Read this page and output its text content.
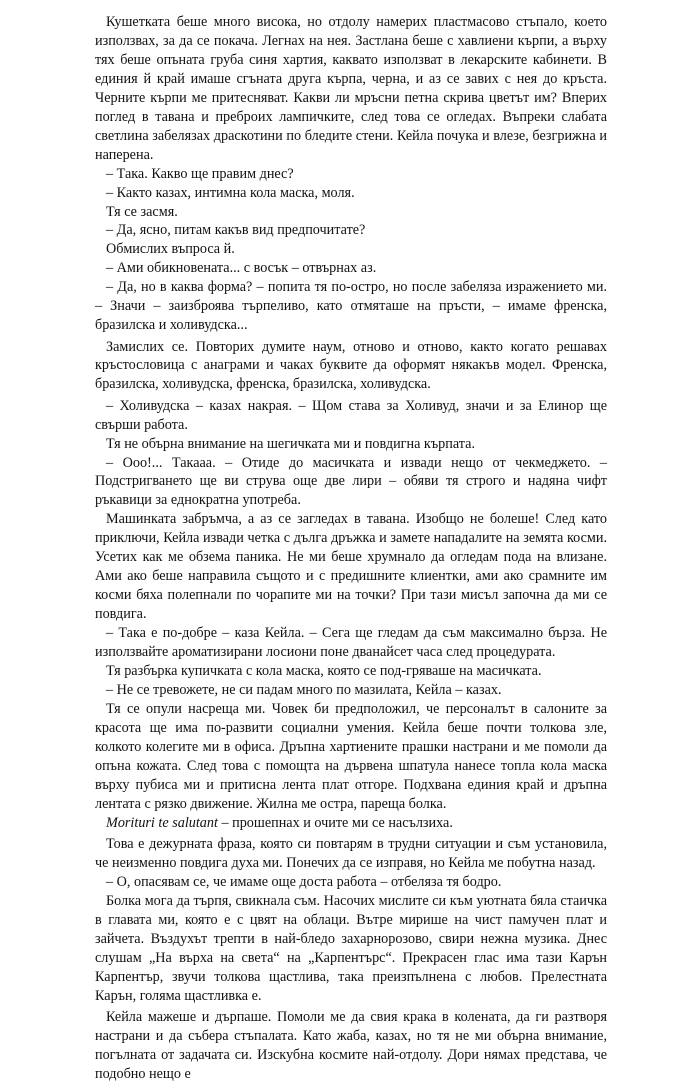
Кушетката беше много висока, но отдолу намерих пластмасово стъпало, което използвах, за да се покача. Легнах на нея. Застлана беше с хавлиени кърпи, а върху тях беше опъната груба синя хартия, каквато използват в лекарските кабинети. В единия й край имаше сгъната друга кърпа, черна, и аз се завих с нея до кръста. Черните кърпи ме притесняват. Какви ли мръсни петна скрива цветът им? Вперих поглед в тавана и преброих лампичките, след това се огледах. Въпреки слабата светлина забелязах драскотини по бледите стени. Кейла почука и влезе, безгрижна и наперена.

– Така. Какво ще правим днес?

– Както казах, интимна кола маска, моля.

Тя се засмя.

– Да, ясно, питам какъв вид предпочитате?

Обмислих въпроса й.

– Ами обикновената... с восък – отвърнах аз.

– Да, но в каква форма? – попита тя по-остро, но после забеляза изражението ми. – Значи – заизброява търпеливо, като отмяташе на пръсти, – имаме френска, бразилска и холивудска...

Замислих се. Повторих думите наум, отново и отново, както когато решавах кръстословица с анаграми и чаках буквите да оформят някакъв модел. Френска, бразилска, холивудска, френска, бразилска, холивудска.

– Холивудска – казах накрая. – Щом става за Холивуд, значи и за Елинор ще свърши работа.

Тя не обърна внимание на шегичката ми и повдигна кърпата.

– Ооо!... Такааа. – Отиде до масичката и извади нещо от чекмеджето. – Подстригването ще ви струва още две лири – обяви тя строго и надяна чифт ръкавици за еднократна употреба.

Машинката забръмча, а аз се загледах в тавана. Изобщо не болеше! След като приключи, Кейла извади четка с дълга дръжка и замете нападалите на земята косми. Усетих как ме обзема паника. Не ми беше хрумнало да огледам пода на влизане. Ами ако беше направила същото и с предишните клиентки, ами ако срамните им косми бяха полепнали по чорапите ми на точки? При тази мисъл започна да ми се повдига.

– Така е по-добре – каза Кейла. – Сега ще гледам да съм максимално бърза. Не използвайте ароматизирани лосиони поне дванайсет часа след процедурата.

Тя разбърка купичката с кола маска, която се под-гряваше на масичката.

– Не се тревожете, не си падам много по мазилата, Кейла – казах.

Тя се опули насреща ми. Човек би предположил, че персоналът в салоните за красота ще има по-развити социални умения. Кейла беше почти толкова зле, колкото колегите ми в офиса. Дръпна хартиените прашки настрани и ме помоли да опъна кожата. След това с помощта на дървена шпатула нанесе топла кола маска върху пубиса ми и притисна лента плат отгоре. Подхвана единия край и дръпна лентата с рязко движение. Жилна ме остра, пареща болка.

Morituri te salutant – прошепнах и очите ми се насълзиха.

Това е дежурната фраза, която си повтарям в трудни ситуации и съм установила, че неизменно повдига духа ми. Понечих да се изправя, но Кейла ме побутна назад.

– О, опасявам се, че имаме още доста работа – отбеляза тя бодро.

Болка мога да търпя, свикнала съм. Насочих мислите си към уютната бяла стаичка в главата ми, която е с цвят на облаци. Вътре мирише на чист памучен плат и зайчета. Въздухът трепти в най-бледо захарнорозово, свири нежна музика. Днес слушам „На върха на света“ на „Карпентърс“. Прекрасен глас има тази Карън Карпентър, звучи толкова щастлива, така преизпълнена с любов. Прелестната Карън, голяма щастливка е.

Кейла мажеше и дърпаше. Помоли ме да свия крака в колената, да ги разтворя настрани и да събера стъпалата. Като жаба, казах, но тя не ми обърна внимание, погълната от задачата си. Изскубна космите най-отдолу. Дори нямах представа, че подобно нещо е
